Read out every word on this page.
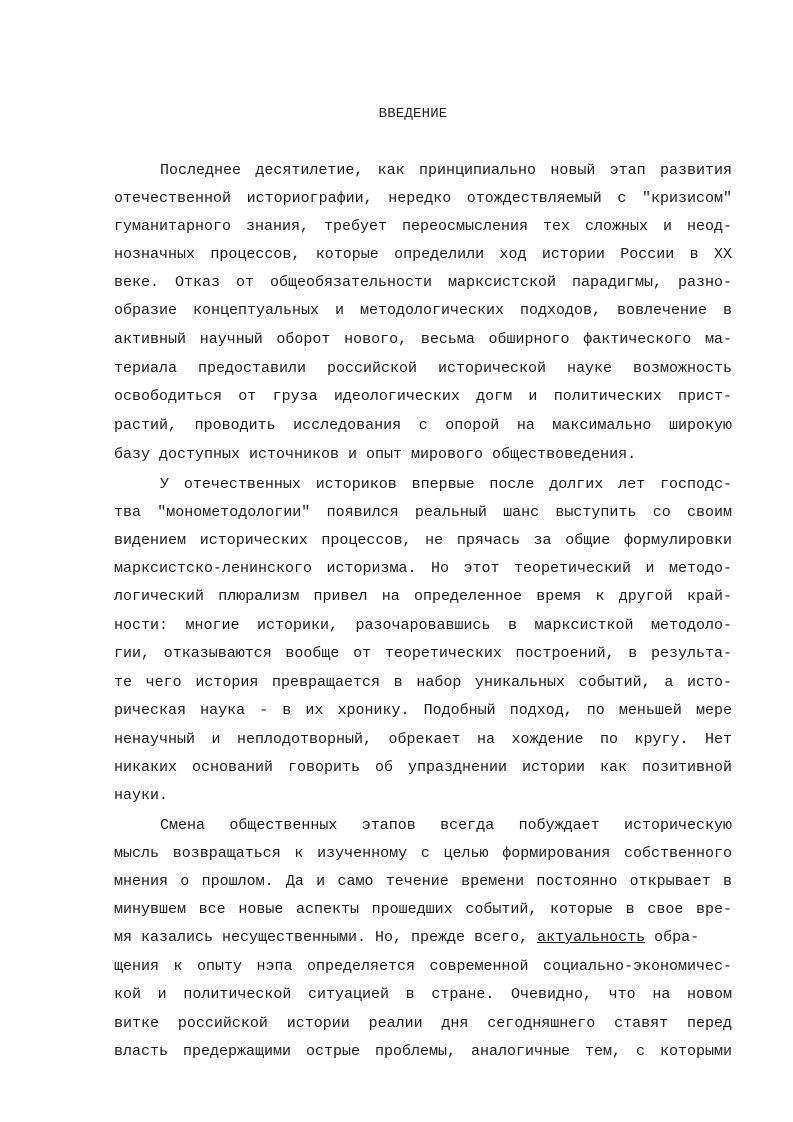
ВВЕДЕНИЕ
Последнее десятилетие, как принципиально новый этап развития
отечественной историографии, нередко отождествляемый с "кризисом"
гуманитарного знания, требует переосмысления тех сложных и неод-
нозначных процессов, которые определили ход истории России в XX
веке. Отказ от общеобязательности марксистской парадигмы, разно-
образие концептуальных и методологических подходов, вовлечение в
активный научный оборот нового, весьма обширного фактического ма-
териала предоставили российской исторической науке возможность
освободиться от груза идеологических догм и политических прист-
растий, проводить исследования с опорой на максимально широкую
базу доступных источников и опыт мирового обществоведения.
У отечественных историков впервые после долгих лет господс-
тва "монометодологии" появился реальный шанс выступить со своим
видением исторических процессов, не прячась за общие формулировки
марксистско-ленинского историзма. Но этот теоретический и методо-
логический плюрализм привел на определенное время к другой край-
ности: многие историки, разочаровавшись в марксисткой методоло-
гии, отказываются вообще от теоретических построений, в результа-
те чего история превращается в набор уникальных событий, а исто-
рическая наука - в их хронику. Подобный подход, по меньшей мере
ненаучный и неплодотворный, обрекает на хождение по кругу. Нет
никаких оснований говорить об упразднении истории как позитивной
науки.
Смена общественных этапов всегда побуждает историческую
мысль возвращаться к изученному с целью формирования собственного
мнения о прошлом. Да и само течение времени постоянно открывает в
минувшем все новые аспекты прошедших событий, которые в свое вре-
мя казались несущественными. Но, прежде всего, актуальность обра-
щения к опыту нэпа определяется современной социально-экономичес-
кой и политической ситуацией в стране. Очевидно, что на новом
витке российской истории реалии дня сегодняшнего ставят перед
власть предержащими острые проблемы, аналогичные тем, с которыми
